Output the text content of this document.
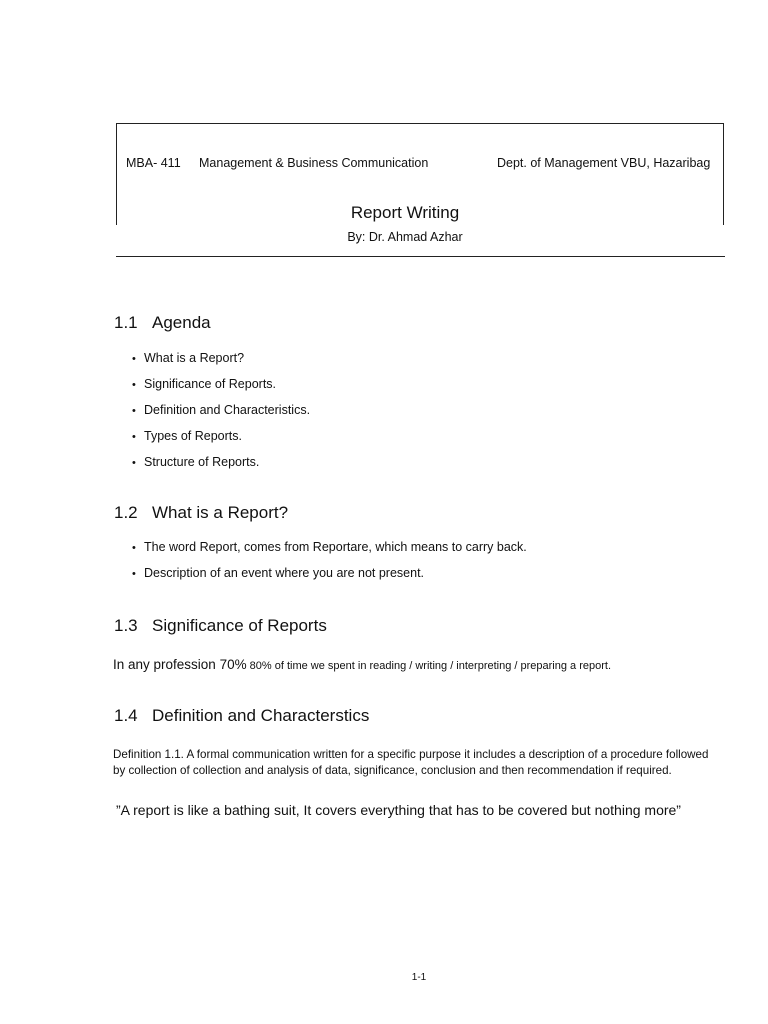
MBA- 411 Management & Business Communication	Dept. of Management VBU, Hazaribag
Report Writing
By: Dr. Ahmad Azhar
1.1 Agenda
• What is a Report?
• Significance of Reports.
• Definition and Characteristics.
• Types of Reports.
• Structure of Reports.
1.2 What is a Report?
• The word Report, comes from Reportare, which means to carry back.
• Description of an event where you are not present.
1.3 Significance of Reports
In any profession 70% 80% of time we spent in reading / writing / interpreting / preparing a report.
1.4 Definition and Characterstics
Definition 1.1. A formal communication written for a specific purpose it includes a description of a procedure followed
by collection of collection and analysis of data, significance, conclusion and then recommendation if required.
”A report is like a bathing suit, It covers everything that has to be covered but nothing more”
1-1
